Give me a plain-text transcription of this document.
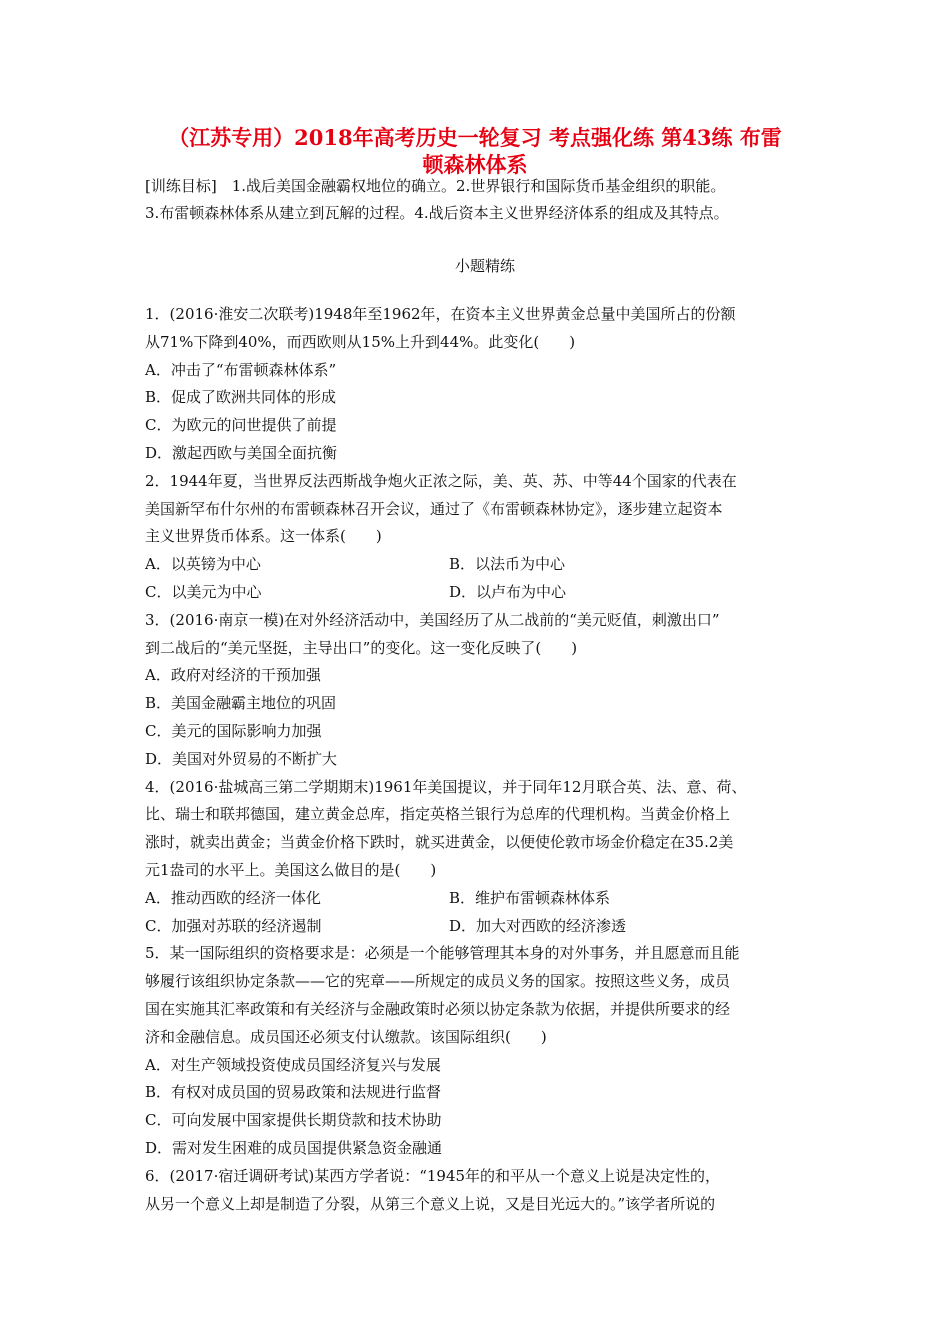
（江苏专用）2018年高考历史一轮复习 考点强化练 第43练 布雷
顿森林体系
[训练目标]　1.战后美国金融霸权地位的确立。2.世界银行和国际货币基金组织的职能。
3.布雷顿森林体系从建立到瓦解的过程。4.战后资本主义世界经济体系的组成及其特点。
小题精练
1．(2016·淮安二次联考)1948年至1962年，在资本主义世界黄金总量中美国所占的份额
从71%下降到40%，而西欧则从15%上升到44%。此变化(　　)
A．冲击了“布雷顿森林体系”
B．促成了欧洲共同体的形成
C．为欧元的问世提供了前提
D．激起西欧与美国全面抗衡
2．1944年夏，当世界反法西斯战争炮火正浓之际，美、英、苏、中等44个国家的代表在
美国新罕布什尔州的布雷顿森林召开会议，通过了《布雷顿森林协定》，逐步建立起资本
主义世界货币体系。这一体系(　　)
A．以英镑为中心	B．以法币为中心
C．以美元为中心	D．以卢布为中心
3．(2016·南京一模)在对外经济活动中，美国经历了从二战前的“美元贬值，刺激出口”
到二战后的“美元坚挺，主导出口”的变化。这一变化反映了(　　)
A．政府对经济的干预加强
B．美国金融霸主地位的巩固
C．美元的国际影响力加强
D．美国对外贸易的不断扩大
4．(2016·盐城高三第二学期期末)1961年美国提议，并于同年12月联合英、法、意、荷、
比、瑞士和联邦德国，建立黄金总库，指定英格兰银行为总库的代理机构。当黄金价格上
涨时，就卖出黄金；当黄金价格下跌时，就买进黄金，以便使伦敦市场金价稳定在35.2美
元1盎司的水平上。美国这么做目的是(　　)
A．推动西欧的经济一体化	B．维护布雷顿森林体系
C．加强对苏联的经济遏制	D．加大对西欧的经济渗透
5．某一国际组织的资格要求是：必须是一个能够管理其本身的对外事务，并且愿意而且能
够履行该组织协定条款——它的宪章——所规定的成员义务的国家。按照这些义务，成员
国在实施其汇率政策和有关经济与金融政策时必须以协定条款为依据，并提供所要求的经
济和金融信息。成员国还必须支付认缴款。该国际组织(　　)
A．对生产领域投资使成员国经济复兴与发展
B．有权对成员国的贸易政策和法规进行监督
C．可向发展中国家提供长期贷款和技术协助
D．需对发生困难的成员国提供紧急资金融通
6．(2017·宿迁调研考试)某西方学者说：“1945年的和平从一个意义上说是决定性的，
从另一个意义上却是制造了分裂，从第三个意义上说，又是目光远大的。”该学者所说的
